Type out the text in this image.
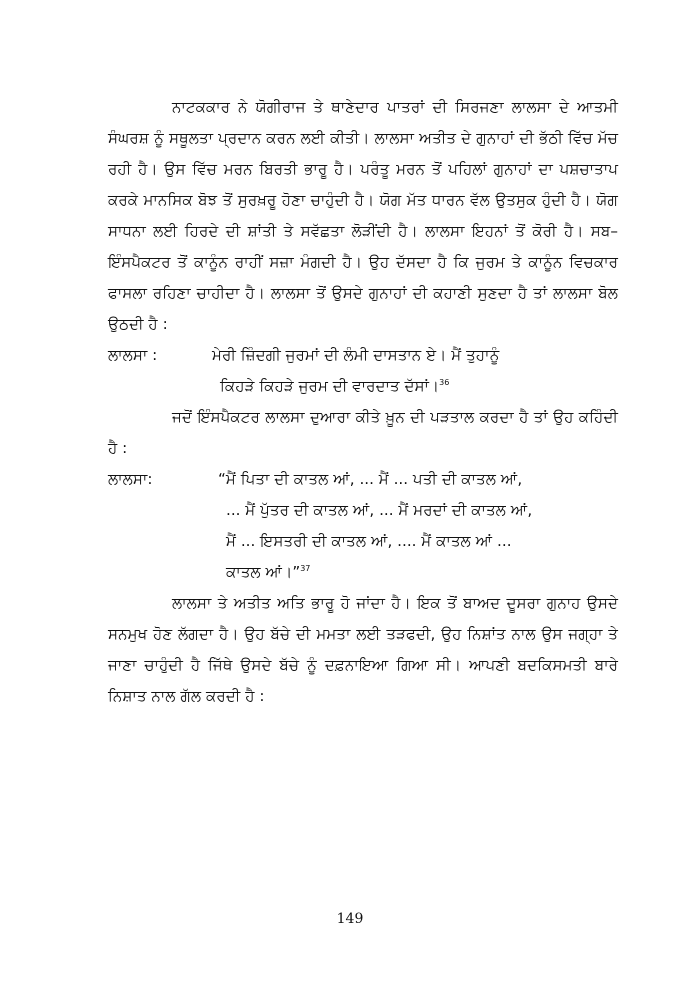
ਨਾਟਕਕਾਰ ਨੇ ਯੋਗੀਰਾਜ ਤੇ ਥਾਣੇਦਾਰ ਪਾਤਰਾਂ ਦੀ ਸਿਰਜਣਾ ਲਾਲਸਾ ਦੇ ਆਤਮੀ ਸੰਘਰਸ਼ ਨੂੰ ਸਥੂਲਤਾ ਪ੍ਰਦਾਨ ਕਰਨ ਲਈ ਕੀਤੀ। ਲਾਲਸਾ ਅਤੀਤ ਦੇ ਗੁਨਾਹਾਂ ਦੀ ਭੱਠੀ ਵਿੱਚ ਮੱਚ ਰਹੀ ਹੈ। ਉਸ ਵਿੱਚ ਮਰਨ ਬਿਰਤੀ ਭਾਰੂ ਹੈ। ਪਰੰਤੂ ਮਰਨ ਤੋਂ ਪਹਿਲਾਂ ਗੁਨਾਹਾਂ ਦਾ ਪਸ਼ਚਾਤਾਪ ਕਰਕੇ ਮਾਨਸਿਕ ਬੋਝ ਤੋਂ ਸੁਰਖ਼ਰੂ ਹੋਣਾ ਚਾਹੁੰਦੀ ਹੈ। ਯੋਗ ਮੱਤ ਧਾਰਨ ਵੱਲ ਉਤਸੁਕ ਹੁੰਦੀ ਹੈ। ਯੋਗ ਸਾਧਨਾ ਲਈ ਹਿਰਦੇ ਦੀ ਸ਼ਾਂਤੀ ਤੇ ਸਵੱਛਤਾ ਲੋੜੀਂਦੀ ਹੈ। ਲਾਲਸਾ ਇਹਨਾਂ ਤੋਂ ਕੋਰੀ ਹੈ। ਸਬ–ਇੰਸਪੈਕਟਰ ਤੋਂ ਕਾਨੂੰਨ ਰਾਹੀਂ ਸਜ਼ਾ ਮੰਗਦੀ ਹੈ। ਉਹ ਦੱਸਦਾ ਹੈ ਕਿ ਜੁਰਮ ਤੇ ਕਾਨੂੰਨ ਵਿਚਕਾਰ ਫਾਸਲਾ ਰਹਿਣਾ ਚਾਹੀਦਾ ਹੈ। ਲਾਲਸਾ ਤੋਂ ਉਸਦੇ ਗੁਨਾਹਾਂ ਦੀ ਕਹਾਣੀ ਸੁਣਦਾ ਹੈ ਤਾਂ ਲਾਲਸਾ ਬੋਲ ਉਠਦੀ ਹੈ :

ਲਾਲਸਾ :	ਮੇਰੀ ਜ਼ਿੰਦਗੀ ਜੁਰਮਾਂ ਦੀ ਲੰਮੀ ਦਾਸਤਾਨ ਏ। ਮੈਂ ਤੁਹਾਨੂੰ
ਕਿਹੜੇ ਕਿਹੜੇ ਜੁਰਮ ਦੀ ਵਾਰਦਾਤ ਦੱਸਾਂ।$^{36}$

ਜਦੋਂ ਇੰਸਪੈਕਟਰ ਲਾਲਸਾ ਦੁਆਰਾ ਕੀਤੇ ਖ਼ੂਨ ਦੀ ਪੜਤਾਲ ਕਰਦਾ ਹੈ ਤਾਂ ਉਹ ਕਹਿੰਦੀ ਹੈ :

ਲਾਲਸਾ:	“ਮੈਂ ਪਿਤਾ ਦੀ ਕਾਤਲ ਆਂ, ... ਮੈਂ ... ਪਤੀ ਦੀ ਕਾਤਲ ਆਂ,
... ਮੈਂ ਪੁੱਤਰ ਦੀ ਕਾਤਲ ਆਂ, ... ਮੈਂ ਮਰਦਾਂ ਦੀ ਕਾਤਲ ਆਂ,
ਮੈਂ ... ਇਸਤਰੀ ਦੀ ਕਾਤਲ ਆਂ, .... ਮੈਂ ਕਾਤਲ ਆਂ ...
ਕਾਤਲ ਆਂ।”$^{37}$

ਲਾਲਸਾ ਤੇ ਅਤੀਤ ਅਤਿ ਭਾਰੂ ਹੋ ਜਾਂਦਾ ਹੈ। ਇਕ ਤੋਂ ਬਾਅਦ ਦੂਸਰਾ ਗੁਨਾਹ ਉਸਦੇ ਸਨਮੁਖ ਹੋਣ ਲੱਗਦਾ ਹੈ। ਉਹ ਬੱਚੇ ਦੀ ਮਮਤਾ ਲਈ ਤੜਫਦੀ, ਉਹ ਨਿਸ਼ਾਂਤ ਨਾਲ ਉਸ ਜਗ੍ਹਾ ਤੇ ਜਾਣਾ ਚਾਹੁੰਦੀ ਹੈ ਜਿੱਥੇ ਉਸਦੇ ਬੱਚੇ ਨੂੰ ਦਫ਼ਨਾਇਆ ਗਿਆ ਸੀ। ਆਪਣੀ ਬਦਕਿਸਮਤੀ ਬਾਰੇ ਨਿਸ਼ਾਤ ਨਾਲ ਗੱਲ ਕਰਦੀ ਹੈ :

149
